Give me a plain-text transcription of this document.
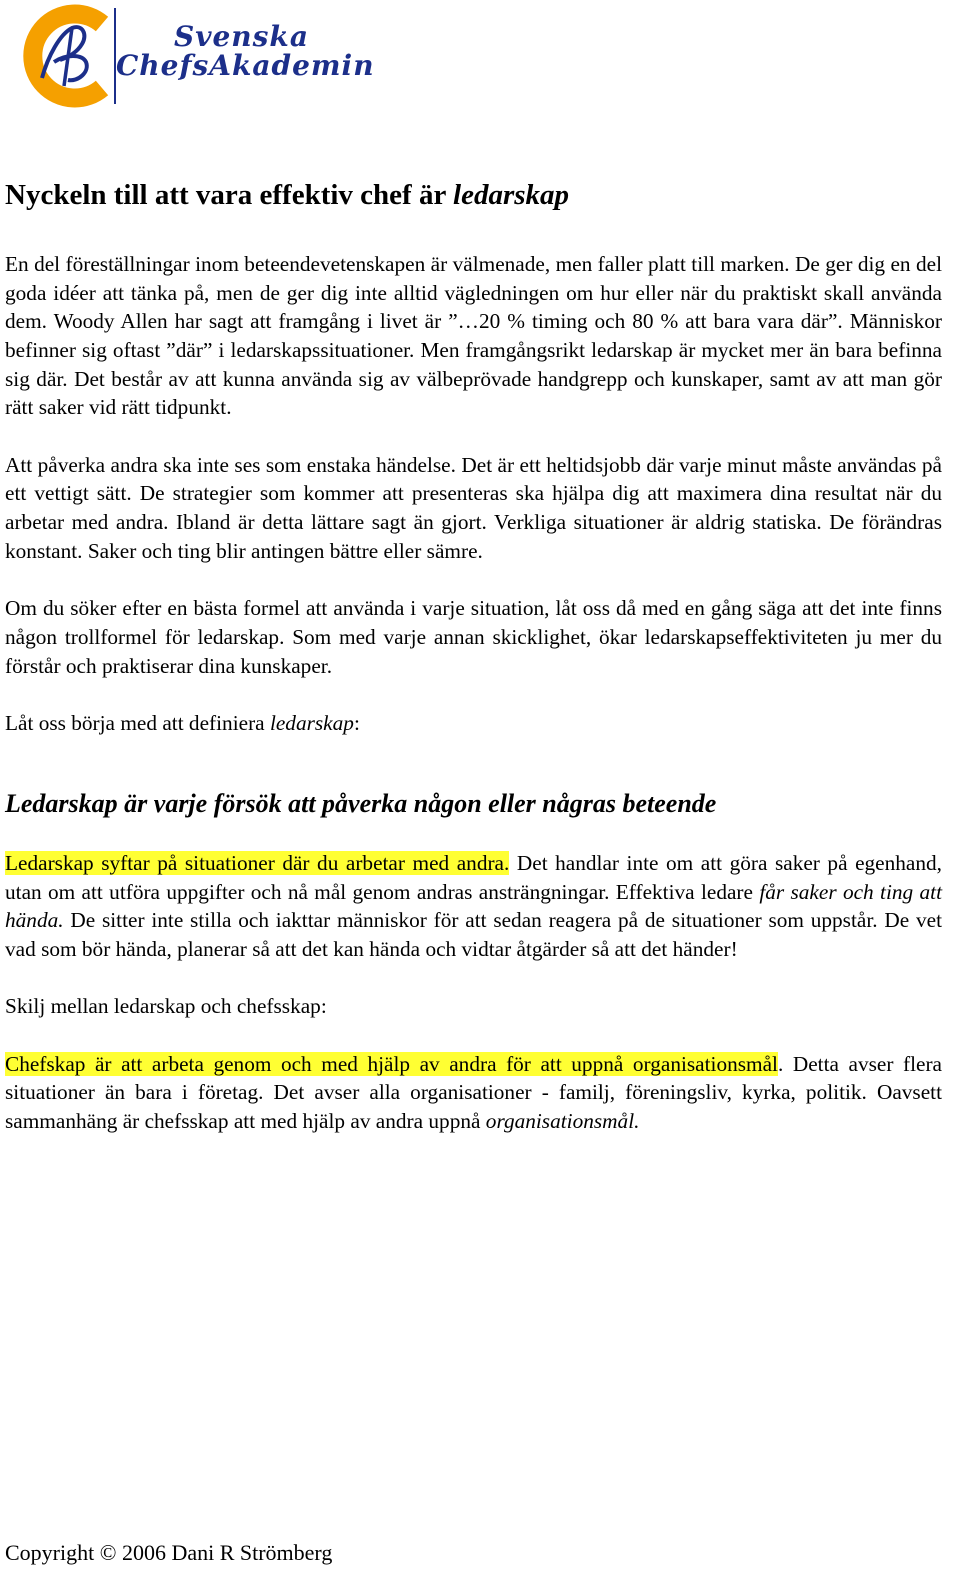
Svenska
ChefsAkademin
Nyckeln till att vara effektiv chef är ledarskap

En del föreställningar inom beteendevetenskapen är välmenade, men faller platt till marken. De ger dig en del goda idéer att tänka på, men de ger dig inte alltid vägledningen om hur eller när du praktiskt skall använda dem. Woody Allen har sagt att framgång i livet är ”…20 % timing och 80 % att bara vara där”. Människor befinner sig oftast ”där” i ledarskapssituationer. Men framgångsrikt ledarskap är mycket mer än bara befinna sig där. Det består av att kunna använda sig av välbeprövade handgrepp och kunskaper, samt av att man gör rätt saker vid rätt tidpunkt.

Att påverka andra ska inte ses som enstaka händelse. Det är ett heltidsjobb där varje minut måste användas på ett vettigt sätt. De strategier som kommer att presenteras ska hjälpa dig att maximera dina resultat när du arbetar med andra. Ibland är detta lättare sagt än gjort. Verkliga situationer är aldrig statiska. De förändras konstant. Saker och ting blir antingen bättre eller sämre.

Om du söker efter en bästa formel att använda i varje situation, låt oss då med en gång säga att det inte finns någon trollformel för ledarskap. Som med varje annan skicklighet, ökar ledarskapseffektiviteten ju mer du förstår och praktiserar dina kunskaper.

Låt oss börja med att definiera ledarskap:

Ledarskap är varje försök att påverka någon eller någras beteende

Ledarskap syftar på situationer där du arbetar med andra. Det handlar inte om att göra saker på egenhand, utan om att utföra uppgifter och nå mål genom andras ansträngningar. Effektiva ledare får saker och ting att hända. De sitter inte stilla och iakttar människor för att sedan reagera på de situationer som uppstår. De vet vad som bör hända, planerar så att det kan hända och vidtar åtgärder så att det händer!

Skilj mellan ledarskap och chefsskap:

Chefskap är att arbeta genom och med hjälp av andra för att uppnå organisationsmål. Detta avser flera situationer än bara i företag. Det avser alla organisationer - familj, föreningsliv, kyrka, politik. Oavsett sammanhäng är chefsskap att med hjälp av andra uppnå organisationsmål.

Copyright © 2006 Dani R Strömberg
